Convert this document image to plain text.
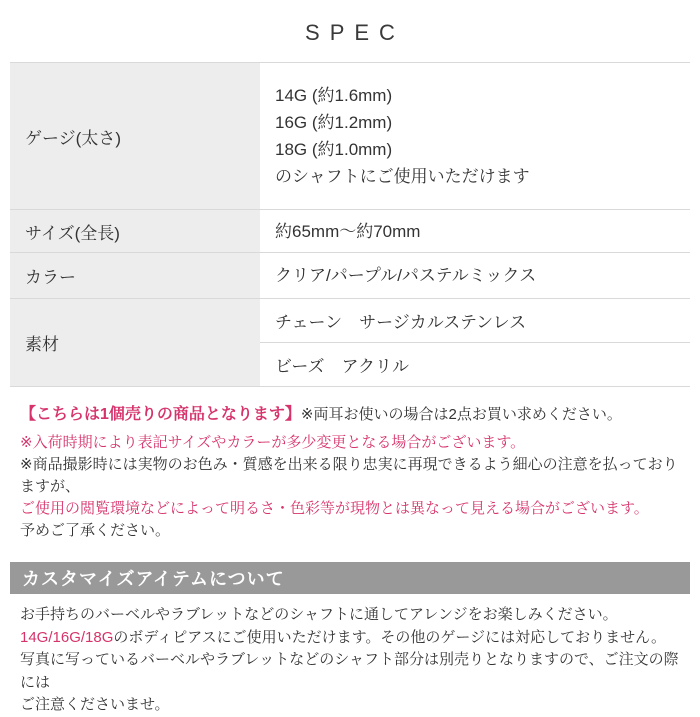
SPEC
ゲージ(太さ)
14G (約1.6mm)
16G (約1.2mm)
18G (約1.0mm)
のシャフトにご使用いただけます
サイズ(全長)	約65mm～約70mm
カラー	クリア/パープル/パステルミックス
素材
チェーン　サージカルステンレス
ビーズ　アクリル

【こちらは1個売りの商品となります】※両耳お使いの場合は2点お買い求めください。

※入荷時期により表記サイズやカラーが多少変更となる場合がございます。

※商品撮影時には実物のお色み・質感を出来る限り忠実に再現できるよう細心の注意を払っておりますが、

ご使用の閲覧環境などによって明るさ・色彩等が現物とは異なって見える場合がございます。

予めご了承ください。

カスタマイズアイテムについて

お手持ちのバーベルやラブレットなどのシャフトに通してアレンジをお楽しみください。

14G/16G/18Gのボディピアスにご使用いただけます。その他のゲージには対応しておりません。

写真に写っているバーベルやラブレットなどのシャフト部分は別売りとなりますので、ご注文の際には

ご注意くださいませ。
